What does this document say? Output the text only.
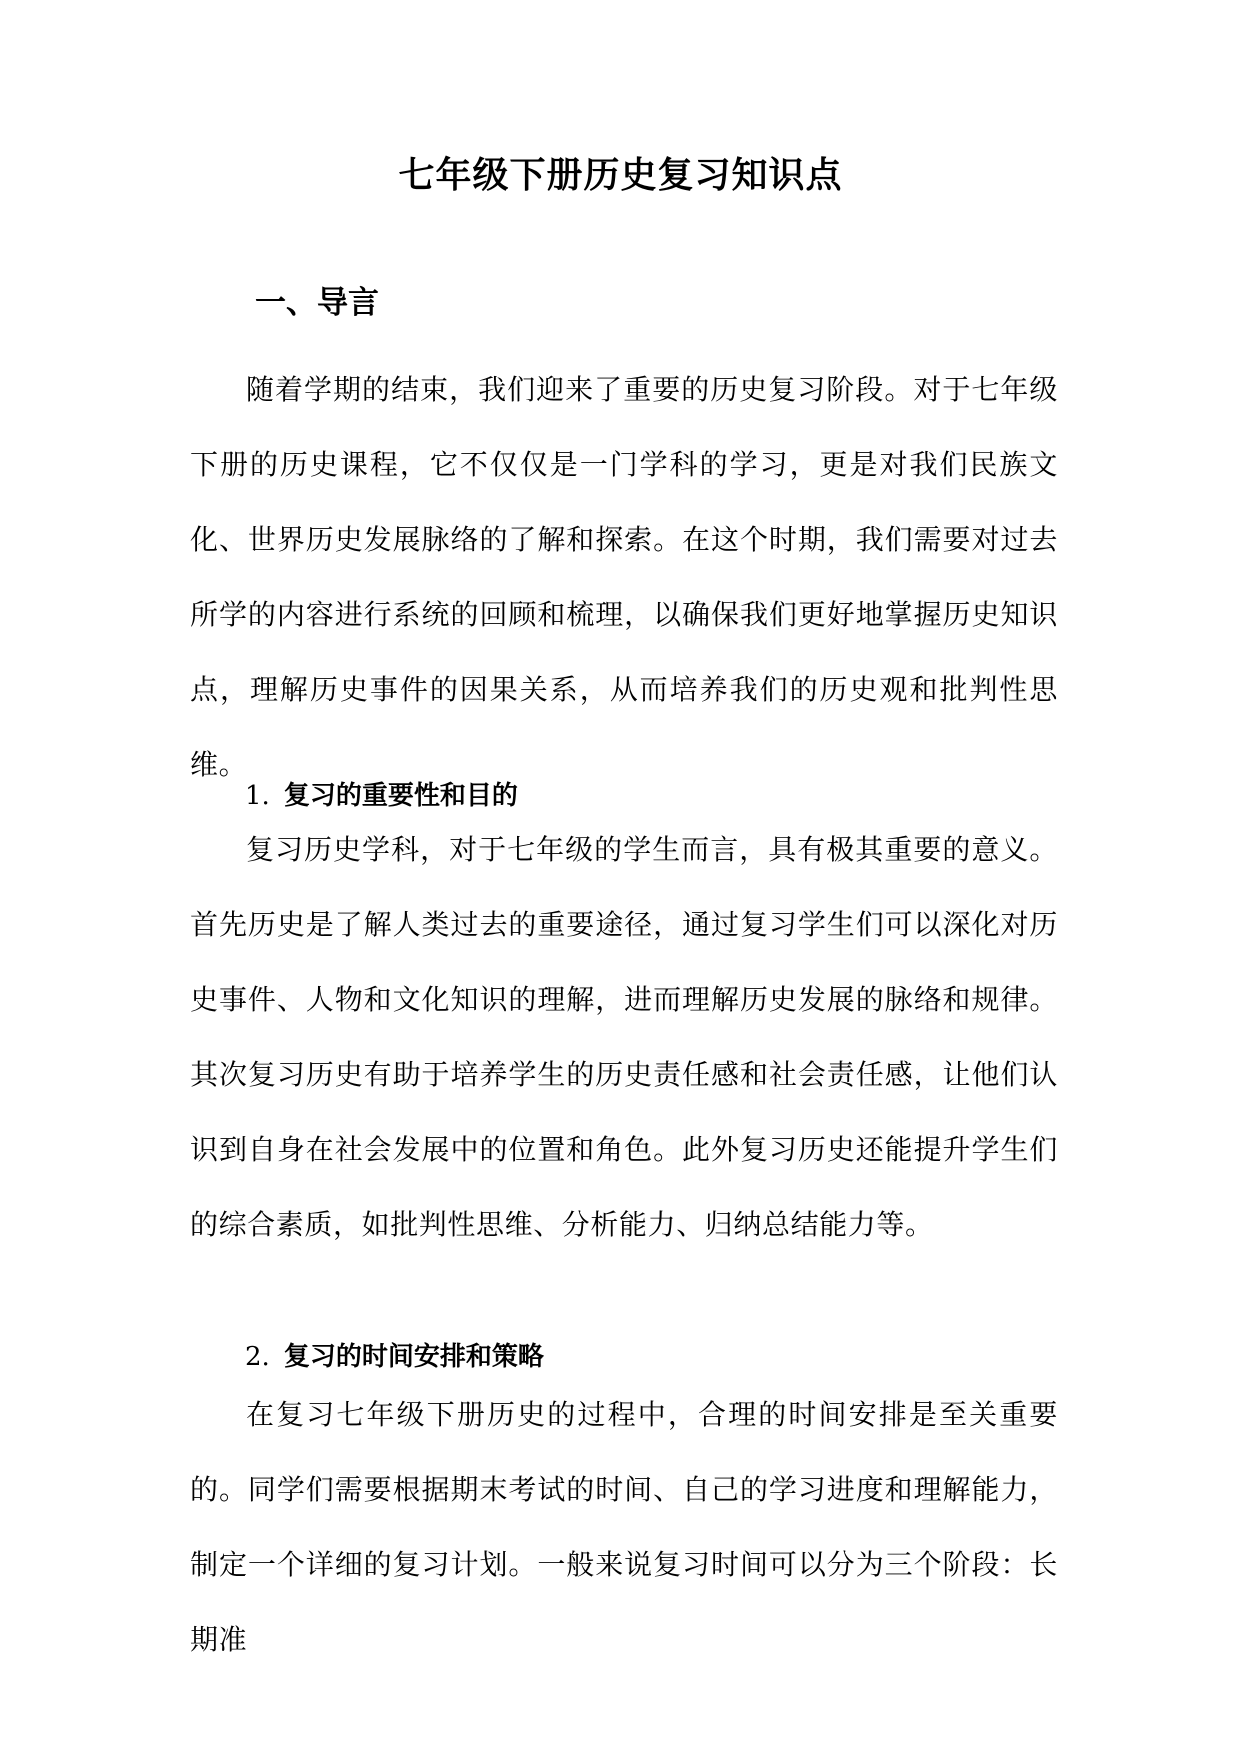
七年级下册历史复习知识点
一、导言

随着学期的结束，我们迎来了重要的历史复习阶段。对于七年级下册的历史课程，它不仅仅是一门学科的学习，更是对我们民族文化、世界历史发展脉络的了解和探索。在这个时期，我们需要对过去所学的内容进行系统的回顾和梳理，以确保我们更好地掌握历史知识点，理解历史事件的因果关系，从而培养我们的历史观和批判性思维。

1. 复习的重要性和目的

复习历史学科，对于七年级的学生而言，具有极其重要的意义。首先历史是了解人类过去的重要途径，通过复习学生们可以深化对历史事件、人物和文化知识的理解，进而理解历史发展的脉络和规律。其次复习历史有助于培养学生的历史责任感和社会责任感，让他们认识到自身在社会发展中的位置和角色。此外复习历史还能提升学生们的综合素质，如批判性思维、分析能力、归纳总结能力等。

2. 复习的时间安排和策略

在复习七年级下册历史的过程中，合理的时间安排是至关重要的。同学们需要根据期末考试的时间、自己的学习进度和理解能力，制定一个详细的复习计划。一般来说复习时间可以分为三个阶段：长期准
